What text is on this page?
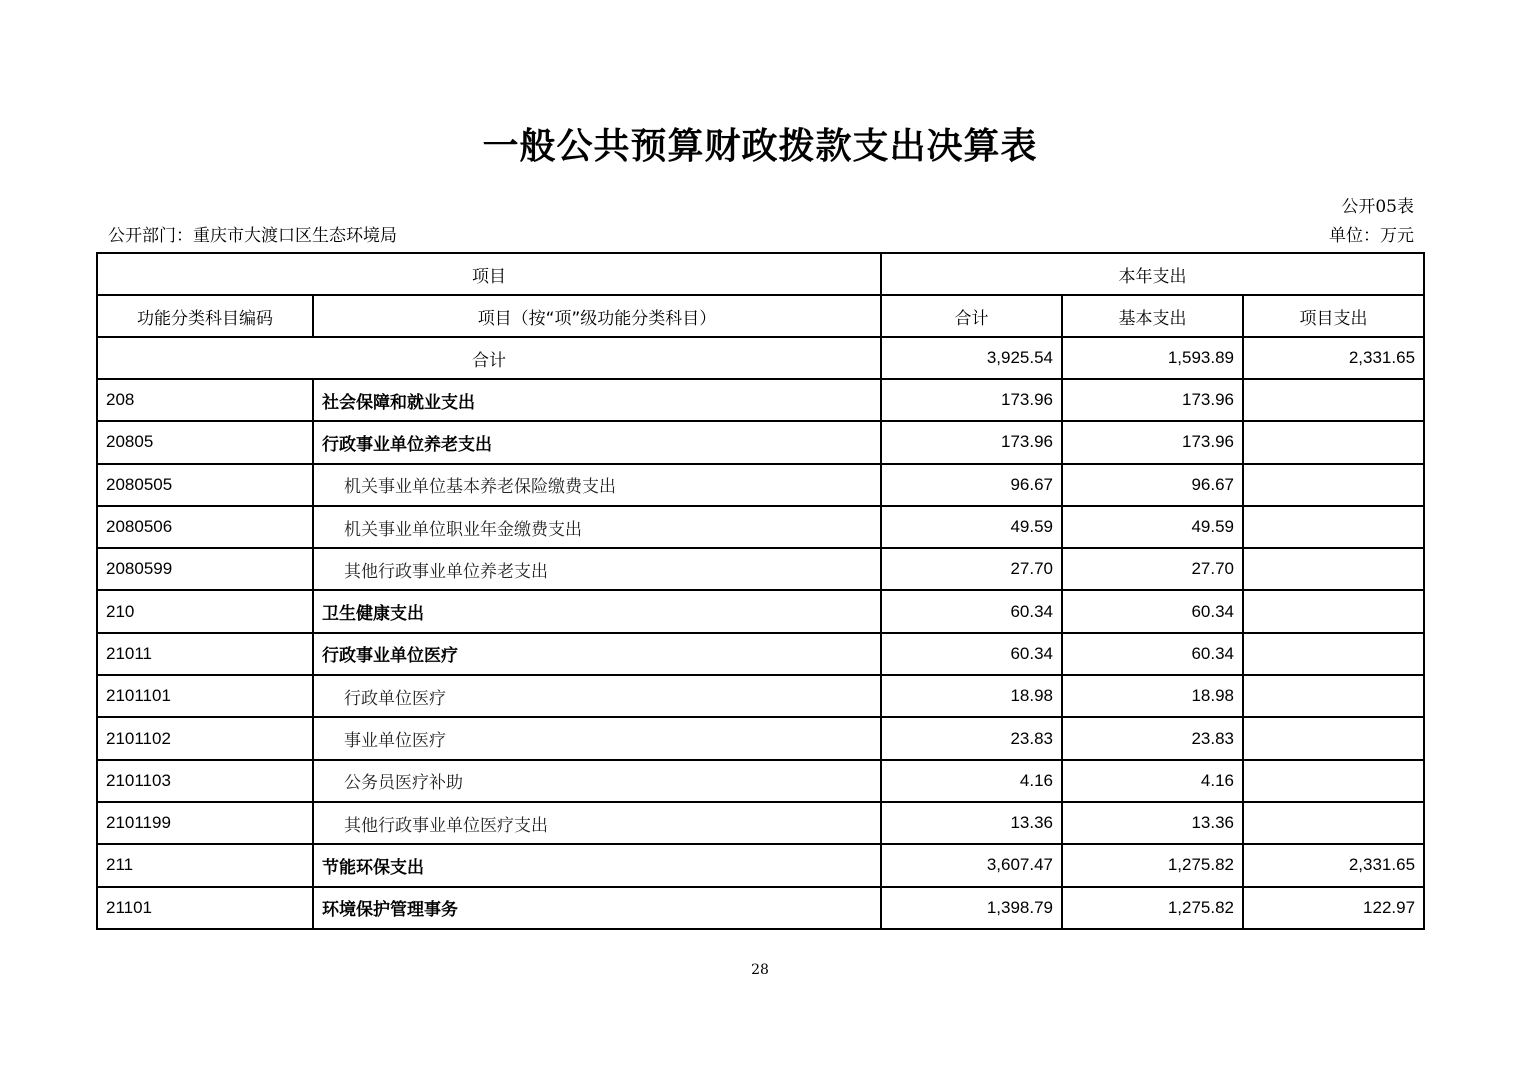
一般公共预算财政拨款支出决算表
公开05表
公开部门：重庆市大渡口区生态环境局	单位：万元
项目		本年支出		
功能分类科目编码	项目（按“项”级功能分类科目）	合计	基本支出	项目支出
合计		3,925.54	1,593.89	2,331.65
208	社会保障和就业支出	173.96	173.96	
20805	行政事业单位养老支出	173.96	173.96	
2080505	机关事业单位基本养老保险缴费支出	96.67	96.67	
2080506	机关事业单位职业年金缴费支出	49.59	49.59	
2080599	其他行政事业单位养老支出	27.70	27.70	
210	卫生健康支出	60.34	60.34	
21011	行政事业单位医疗	60.34	60.34	
2101101	行政单位医疗	18.98	18.98	
2101102	事业单位医疗	23.83	23.83	
2101103	公务员医疗补助	4.16	4.16	
2101199	其他行政事业单位医疗支出	13.36	13.36	
211	节能环保支出	3,607.47	1,275.82	2,331.65
21101	环境保护管理事务	1,398.79	1,275.82	122.97
28
